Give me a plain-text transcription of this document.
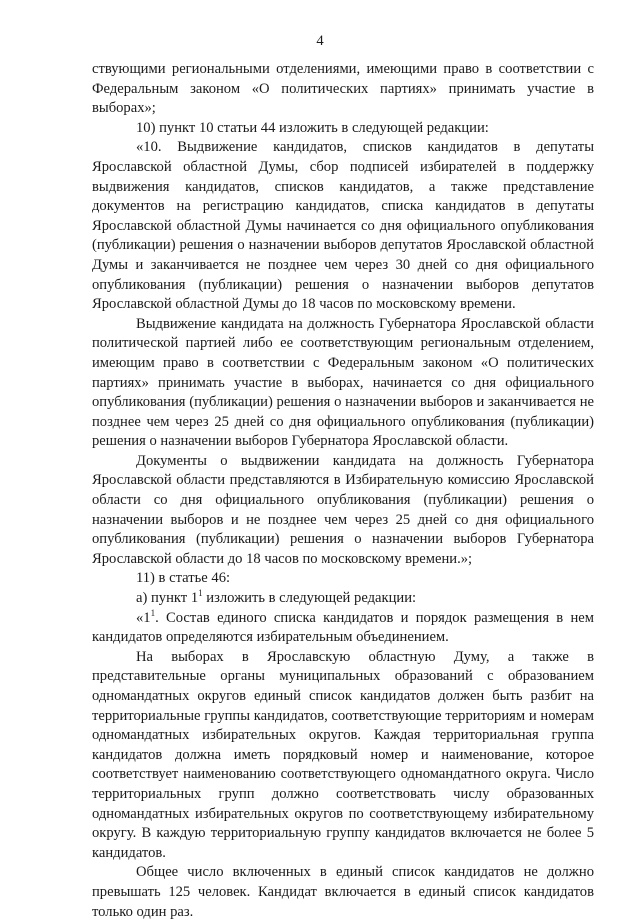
4

ствующими региональными отделениями, имеющими право в соответствии с Федеральным законом «О политических партиях» принимать участие в выборах»;

10) пункт 10 статьи 44 изложить в следующей редакции:

«10. Выдвижение кандидатов, списков кандидатов в депутаты Ярославской областной Думы, сбор подписей избирателей в поддержку выдвижения кандидатов, списков кандидатов, а также представление документов на регистрацию кандидатов, списка кандидатов в депутаты Ярославской областной Думы начинается со дня официального опубликования (публикации) решения о назначении выборов депутатов Ярославской областной Думы и заканчивается не позднее чем через 30 дней со дня официального опубликования (публикации) решения о назначении выборов депутатов Ярославской областной Думы до 18 часов по московскому времени.

Выдвижение кандидата на должность Губернатора Ярославской области политической партией либо ее соответствующим региональным отделением, имеющим право в соответствии с Федеральным законом «О политических партиях» принимать участие в выборах, начинается со дня официального опубликования (публикации) решения о назначении выборов и заканчивается не позднее чем через 25 дней со дня официального опубликования (публикации) решения о назначении выборов Губернатора Ярославской области.

Документы о выдвижении кандидата на должность Губернатора Ярославской области представляются в Избирательную комиссию Ярославской области со дня официального опубликования (публикации) решения о назначении выборов и не позднее чем через 25 дней со дня официального опубликования (публикации) решения о назначении выборов Губернатора Ярославской области до 18 часов по московскому времени.»;

11) в статье 46:

а) пункт $1^1$ изложить в следующей редакции:

«$1^1$. Состав единого списка кандидатов и порядок размещения в нем кандидатов определяются избирательным объединением.

На выборах в Ярославскую областную Думу, а также в представительные органы муниципальных образований с образованием одномандатных округов единый список кандидатов должен быть разбит на территориальные группы кандидатов, соответствующие территориям и номерам одномандатных избирательных округов. Каждая территориальная группа кандидатов должна иметь порядковый номер и наименование, которое соответствует наименованию соответствующего одномандатного округа. Число территориальных групп должно соответствовать числу образованных одномандатных избирательных округов по соответствующему избирательному округу. В каждую территориальную группу кандидатов включается не более 5 кандидатов.

Общее число включенных в единый список кандидатов не должно превышать 125 человек. Кандидат включается в единый список кандидатов только один раз.
